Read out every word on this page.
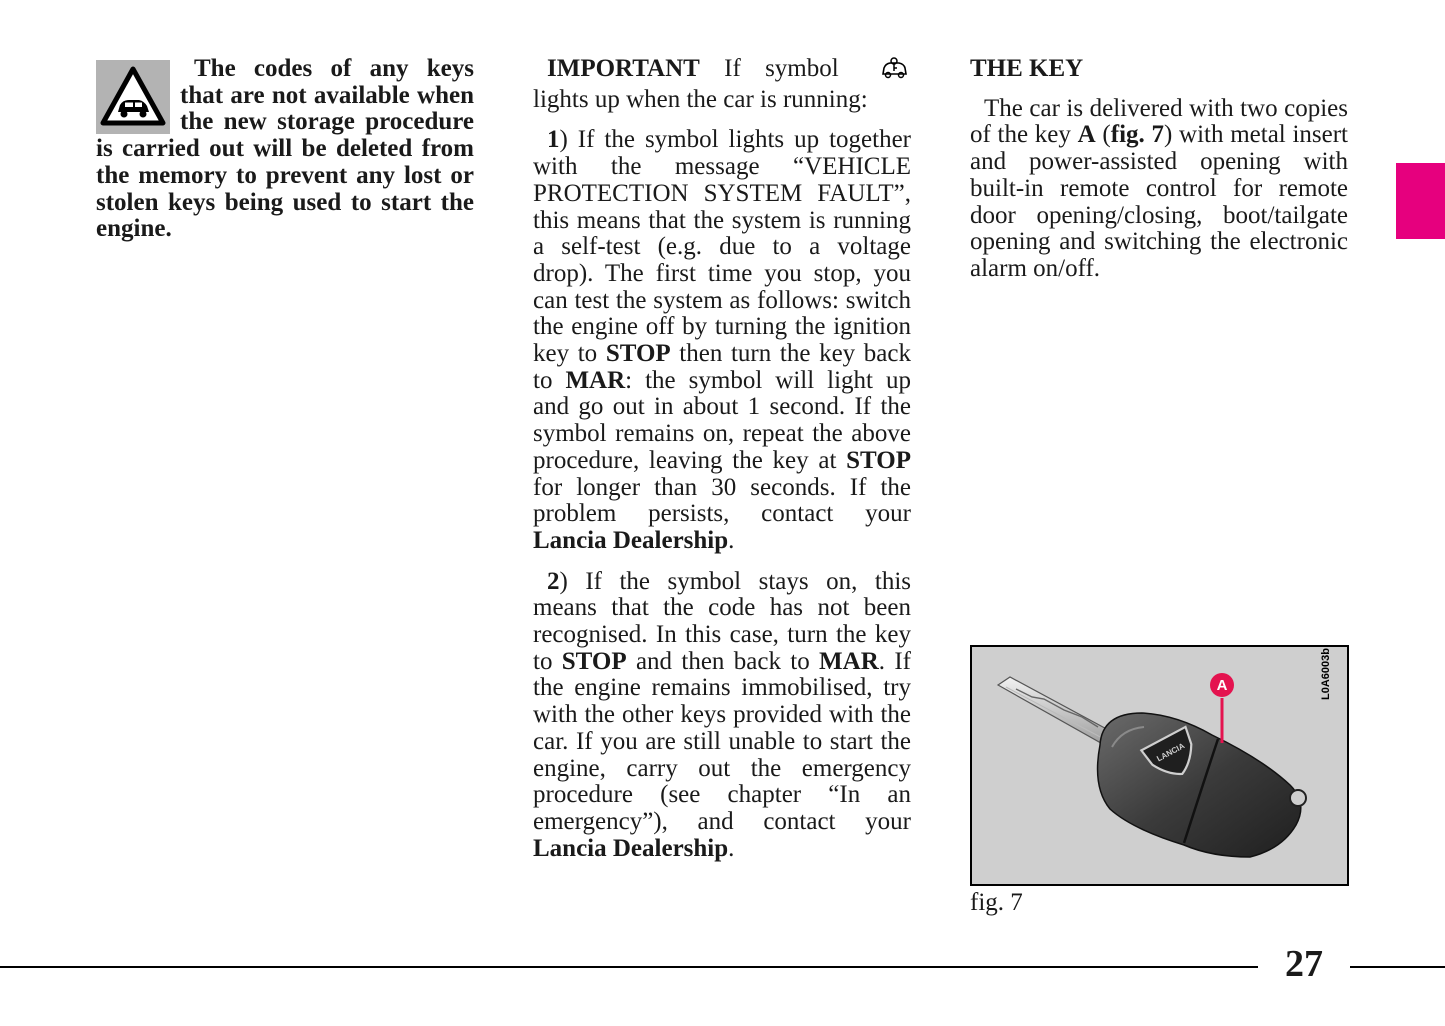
The codes of any keys that are not available when the new storage procedure is carried out will be deleted from the memory to prevent any lost or stolen keys being used to start the engine.

IMPORTANT If symbol  lights up when the car is running:

1) If the symbol lights up together with the message “VEHICLE PROTECTION SYSTEM FAULT”, this means that the system is running a self-test (e.g. due to a voltage drop). The first time you stop, you can test the system as follows: switch the engine off by turning the ignition key to STOP then turn the key back to MAR: the symbol will light up and go out in about 1 second. If the symbol remains on, repeat the above procedure, leaving the key at STOP for longer than 30 seconds. If the problem persists, contact your Lancia Dealership.

2) If the symbol stays on, this means that the code has not been recognised. In this case, turn the key to STOP and then back to MAR. If the engine remains immobilised, try with the other keys provided with the car. If you are still unable to start the engine, carry out the emergency procedure (see chapter “In an emergency”), and contact your Lancia Dealership.

THE KEY

The car is delivered with two copies of the key A (fig. 7) with metal insert and power-assisted opening with built-in remote control for remote door opening/closing, boot/tailgate opening and switching the electronic alarm on/off.

LANCIA
A	L0A6003b
fig. 7
27
